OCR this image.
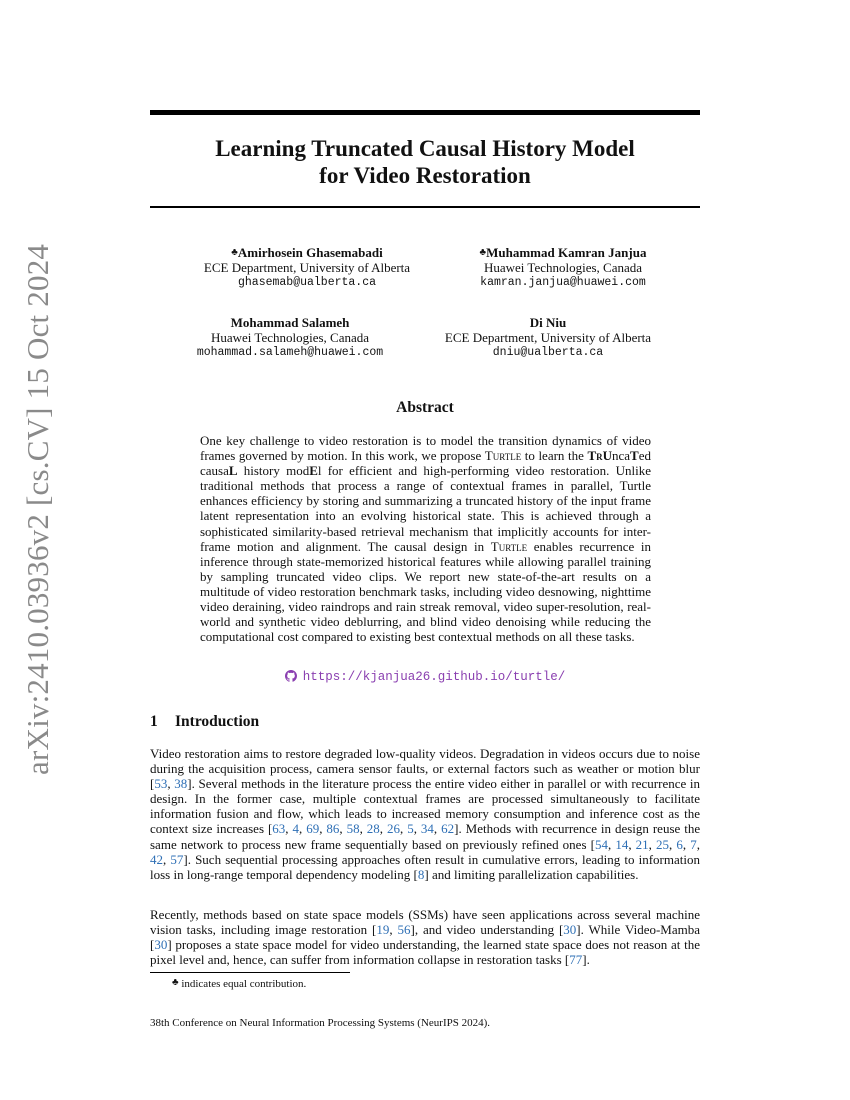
arXiv:2410.03936v2 [cs.CV] 15 Oct 2024
Learning Truncated Causal History Model
for Video Restoration
♣Amirhosein Ghasemabadi
ECE Department, University of Alberta
ghasemab@ualberta.ca
♣Muhammad Kamran Janjua
Huawei Technologies, Canada
kamran.janjua@huawei.com
Mohammad Salameh
Huawei Technologies, Canada
mohammad.salameh@huawei.com
Di Niu
ECE Department, University of Alberta
dniu@ualberta.ca
Abstract
One key challenge to video restoration is to model the transition dynamics of video frames governed by motion. In this work, we propose Turtle to learn the TrUncaTed causaL history modEl for efficient and high-performing video restoration. Unlike traditional methods that process a range of contextual frames in parallel, Turtle enhances efficiency by storing and summarizing a truncated history of the input frame latent representation into an evolving historical state. This is achieved through a sophisticated similarity-based retrieval mechanism that implicitly accounts for inter-frame motion and alignment. The causal design in Turtle enables recurrence in inference through state-memorized historical features while allowing parallel training by sampling truncated video clips. We report new state-of-the-art results on a multitude of video restoration benchmark tasks, including video desnowing, nighttime video deraining, video raindrops and rain streak removal, video super-resolution, real-world and synthetic video deblurring, and blind video denoising while reducing the computational cost compared to existing best contextual methods on all these tasks.
https://kjanjua26.github.io/turtle/
1 Introduction
Video restoration aims to restore degraded low-quality videos. Degradation in videos occurs due to noise during the acquisition process, camera sensor faults, or external factors such as weather or motion blur [53, 38]. Several methods in the literature process the entire video either in parallel or with recurrence in design. In the former case, multiple contextual frames are processed simultaneously to facilitate information fusion and flow, which leads to increased memory consumption and inference cost as the context size increases [63, 4, 69, 86, 58, 28, 26, 5, 34, 62]. Methods with recurrence in design reuse the same network to process new frame sequentially based on previously refined ones [54, 14, 21, 25, 6, 7, 42, 57]. Such sequential processing approaches often result in cumulative errors, leading to information loss in long-range temporal dependency modeling [8] and limiting parallelization capabilities.
Recently, methods based on state space models (SSMs) have seen applications across several machine vision tasks, including image restoration [19, 56], and video understanding [30]. While Video-Mamba [30] proposes a state space model for video understanding, the learned state space does not reason at the pixel level and, hence, can suffer from information collapse in restoration tasks [77].
♣ indicates equal contribution.
38th Conference on Neural Information Processing Systems (NeurIPS 2024).
